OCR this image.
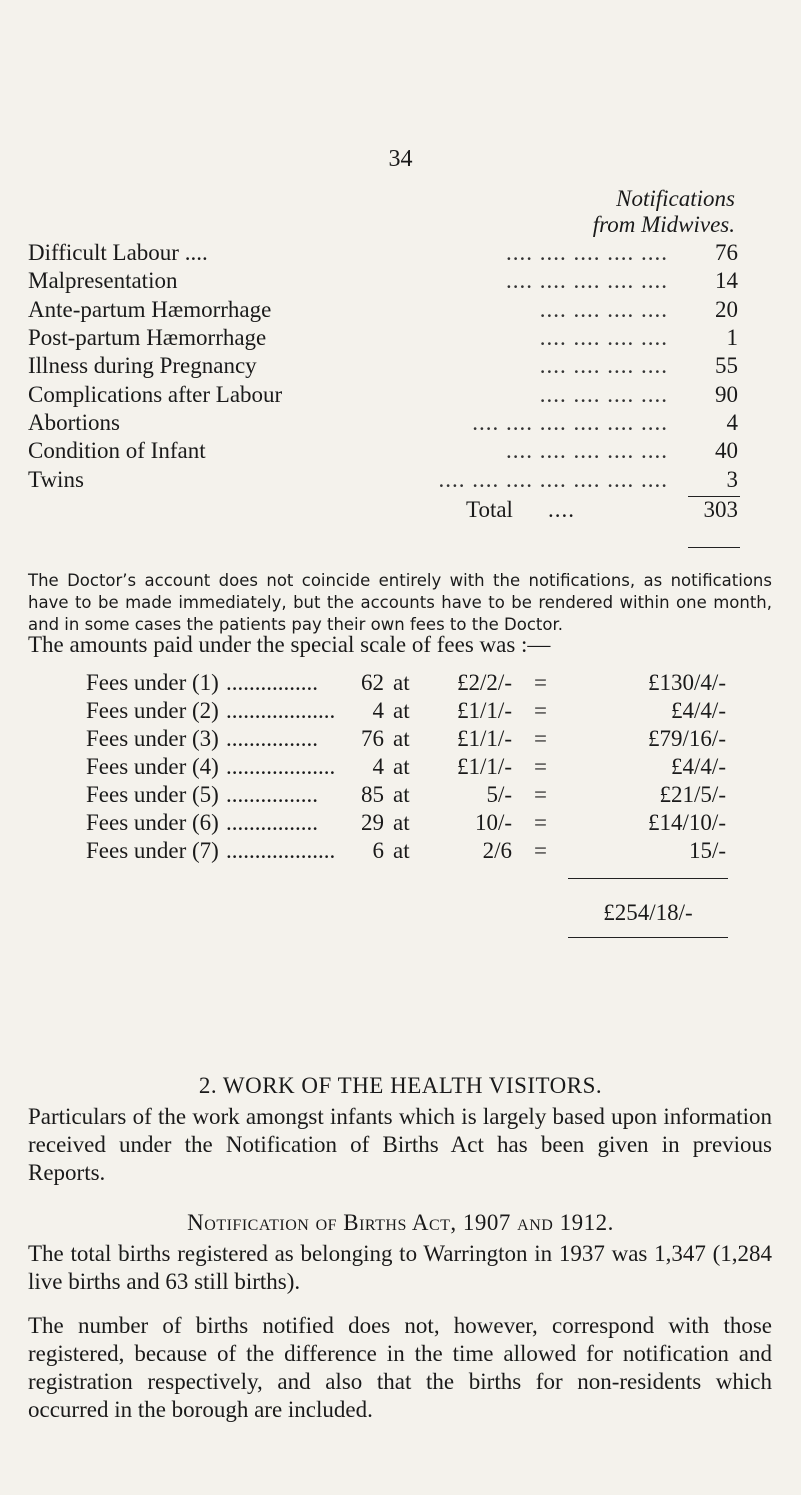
34
Notifications
from Midwives.
Difficult Labour ....	.... .... .... .... ....	76
Malpresentation	.... .... .... .... ....	14
Ante-partum Hæmorrhage	.... .... .... ....	20
Post-partum Hæmorrhage	.... .... .... ....	1
Illness during Pregnancy	.... .... .... ....	55
Complications after Labour	.... .... .... ....	90
Abortions	.... .... .... .... .... ....	4
Condition of Infant	.... .... .... .... ....	40
Twins	.... .... .... .... .... .... ....	3
Total ....	303
The Doctor’s account does not coincide entirely with the notifications, as notifications have to be made immediately, but the accounts have to be rendered within one month, and in some cases the patients pay their own fees to the Doctor.
The amounts paid under the special scale of fees was :—
Fees under (1) ................	62 at	£2/2/- =	£130/4/-
Fees under (2) ...................	4 at	£1/1/- =	£4/4/-
Fees under (3) ................	76 at	£1/1/- =	£79/16/-
Fees under (4) ...................	4 at	£1/1/- =	£4/4/-
Fees under (5) ................	85 at	5/- =	£21/5/-
Fees under (6) ................	29 at	10/- =	£14/10/-
Fees under (7) ...................	6 at	2/6 =	15/-
£254/18/-
2. WORK OF THE HEALTH VISITORS.
Particulars of the work amongst infants which is largely based upon information received under the Notification of Births Act has been given in previous Reports.
Notification of Births Act, 1907 and 1912.
The total births registered as belonging to Warrington in 1937 was 1,347 (1,284 live births and 63 still births).
The number of births notified does not, however, correspond with those registered, because of the difference in the time allowed for notification and registration respectively, and also that the births for non-residents which occurred in the borough are included.
